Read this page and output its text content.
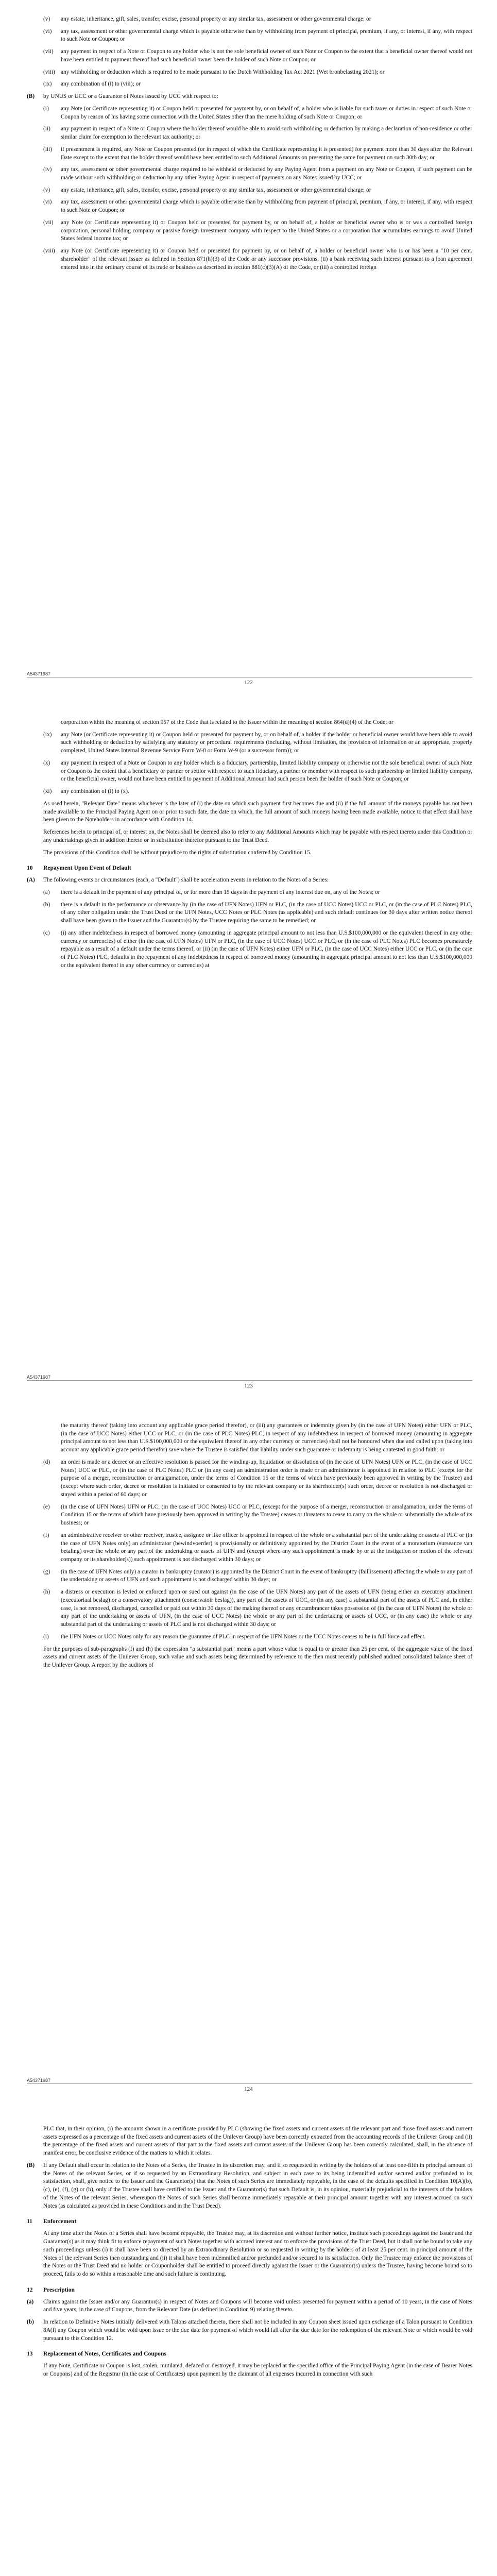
(v)	any estate, inheritance, gift, sales, transfer, excise, personal property or any similar tax, assessment or other governmental charge; or
(vi)	any tax, assessment or other governmental charge which is payable otherwise than by withholding from payment of principal, premium, if any, or interest, if any, with respect to such Note or Coupon; or
(vii)	any payment in respect of a Note or Coupon to any holder who is not the sole beneficial owner of such Note or Coupon to the extent that a beneficial owner thereof would not have been entitled to payment thereof had such beneficial owner been the holder of such Note or Coupon; or
(viii) any withholding or deduction which is required to be made pursuant to the Dutch Withholding Tax Act 2021 (Wet bronbelasting 2021); or
(ix)	any combination of (i) to (viii); or
(B)	by UNUS or UCC or a Guarantor of Notes issued by UCC with respect to:
(i)	any Note (or Certificate representing it) or Coupon held or presented for payment by, or on behalf of, a holder who is liable for such taxes or duties in respect of such Note or Coupon by reason of his having some connection with the United States other than the mere holding of such Note or Coupon; or
(ii)	any payment in respect of a Note or Coupon where the holder thereof would be able to avoid such withholding or deduction by making a declaration of non-residence or other similar claim for exemption to the relevant tax authority; or
(iii)	if presentment is required, any Note or Coupon presented (or in respect of which the Certificate representing it is presented) for payment more than 30 days after the Relevant Date except to the extent that the holder thereof would have been entitled to such Additional Amounts on presenting the same for payment on such 30th day; or
(iv)	any tax, assessment or other governmental charge required to be withheld or deducted by any Paying Agent from a payment on any Note or Coupon, if such payment can be made without such withholding or deduction by any other Paying Agent in respect of payments on any Notes issued by UCC; or
(v)	any estate, inheritance, gift, sales, transfer, excise, personal property or any similar tax, assessment or other governmental charge; or
(vi)	any tax, assessment or other governmental charge which is payable otherwise than by withholding from payment of principal, premium, if any, or interest, if any, with respect to such Note or Coupon; or
(vii)	any Note (or Certificate representing it) or Coupon held or presented for payment by, or on behalf of, a holder or beneficial owner who is or was a controlled foreign corporation, personal holding company or passive foreign investment company with respect to the United States or a corporation that accumulates earnings to avoid United States federal income tax; or
(viii) any Note (or Certificate representing it) or Coupon held or presented for payment by, or on behalf of, a holder or beneficial owner who is or has been a "10 per cent. shareholder" of the relevant Issuer as defined in Section 871(h)(3) of the Code or any successor provisions, (ii) a bank receiving such interest pursuant to a loan agreement entered into in the ordinary course of its trade or business as described in section 881(c)(3)(A) of the Code, or (iii) a controlled foreign
A54371987
122
corporation within the meaning of section 957 of the Code that is related to the Issuer within the meaning of section 864(d)(4) of the Code; or
(ix)	any Note (or Certificate representing it) or Coupon held or presented for payment by, or on behalf of, a holder if the holder or beneficial owner would have been able to avoid such withholding or deduction by satisfying any statutory or procedural requirements (including, without limitation, the provision of information or an appropriate, properly completed, United States Internal Revenue Service Form W-8 or Form W-9 (or a successor form)); or
(x)	any payment in respect of a Note or Coupon to any holder which is a fiduciary, partnership, limited liability company or otherwise not the sole beneficial owner of such Note or Coupon to the extent that a beneficiary or partner or settlor with respect to such fiduciary, a partner or member with respect to such partnership or limited liability company, or the beneficial owner, would not have been entitled to payment of Additional Amount had such person been the holder of such Note or Coupon; or
(xi)	any combination of (i) to (x).
As used herein, "Relevant Date" means whichever is the later of (i) the date on which such payment first becomes due and (ii) if the full amount of the moneys payable has not been made available to the Principal Paying Agent on or prior to such date, the date on which, the full amount of such moneys having been made available, notice to that effect shall have been given to the Noteholders in accordance with Condition 14.
References herein to principal of, or interest on, the Notes shall be deemed also to refer to any Additional Amounts which may be payable with respect thereto under this Condition or any undertakings given in addition thereto or in substitution therefor pursuant to the Trust Deed.
The provisions of this Condition shall be without prejudice to the rights of substitution conferred by Condition 15.
10	Repayment Upon Event of Default
(A)	The following events or circumstances (each, a "Default") shall be acceleration events in relation to the Notes of a Series:
(a)	there is a default in the payment of any principal of, or for more than 15 days in the payment of any interest due on, any of the Notes; or
(b)	there is a default in the performance or observance by (in the case of UFN Notes) UFN or PLC, (in the case of UCC Notes) UCC or PLC, or (in the case of PLC Notes) PLC, of any other obligation under the Trust Deed or the UFN Notes, UCC Notes or PLC Notes (as applicable) and such default continues for 30 days after written notice thereof shall have been given to the Issuer and the Guarantor(s) by the Trustee requiring the same to be remedied; or
(c)	(i) any other indebtedness in respect of borrowed money (amounting in aggregate principal amount to not less than U.S.$100,000,000 or the equivalent thereof in any other currency or currencies) of either (in the case of UFN Notes) UFN or PLC, (in the case of UCC Notes) UCC or PLC, or (in the case of PLC Notes) PLC becomes prematurely repayable as a result of a default under the terms thereof, or (ii) (in the case of UFN Notes) either UFN or PLC, (in the case of UCC Notes) either UCC or PLC, or (in the case of PLC Notes) PLC, defaults in the repayment of any indebtedness in respect of borrowed money (amounting in aggregate principal amount to not less than U.S.$100,000,000 or the equivalent thereof in any other currency or currencies) at
A54371987
123
the maturity thereof (taking into account any applicable grace period therefor), or (iii) any guarantees or indemnity given by (in the case of UFN Notes) either UFN or PLC, (in the case of UCC Notes) either UCC or PLC, or (in the case of PLC Notes) PLC, in respect of any indebtedness in respect of borrowed money (amounting in aggregate principal amount to not less than U.S.$100,000,000 or the equivalent thereof in any other currency or currencies) shall not be honoured when due and called upon (taking into account any applicable grace period therefor) save where the Trustee is satisfied that liability under such guarantee or indemnity is being contested in good faith; or
(d)	an order is made or a decree or an effective resolution is passed for the winding-up, liquidation or dissolution of (in the case of UFN Notes) UFN or PLC, (in the case of UCC Notes) UCC or PLC, or (in the case of PLC Notes) PLC or (in any case) an administration order is made or an administrator is appointed in relation to PLC (except for the purpose of a merger, reconstruction or amalgamation, under the terms of Condition 15 or the terms of which have previously been approved in writing by the Trustee) and (except where such order, decree or resolution is initiated or consented to by the relevant company or its shareholder(s) such order, decree or resolution is not discharged or stayed within a period of 60 days; or
(e)	(in the case of UFN Notes) UFN or PLC, (in the case of UCC Notes) UCC or PLC, (except for the purpose of a merger, reconstruction or amalgamation, under the terms of Condition 15 or the terms of which have previously been approved in writing by the Trustee) ceases or threatens to cease to carry on the whole or substantially the whole of its business; or
(f)	an administrative receiver or other receiver, trustee, assignee or like officer is appointed in respect of the whole or a substantial part of the undertaking or assets of PLC or (in the case of UFN Notes only) an administrator (bewindvoerder) is provisionally or definitively appointed by the District Court in the event of a moratorium (surseance van betaling) over the whole or any part of the undertaking or assets of UFN and (except where any such appointment is made by or at the instigation or motion of the relevant company or its shareholder(s)) such appointment is not discharged within 30 days; or
(g)	(in the case of UFN Notes only) a curator in bankruptcy (curator) is appointed by the District Court in the event of bankruptcy (faillissement) affecting the whole or any part of the undertaking or assets of UFN and such appointment is not discharged within 30 days; or
(h)	a distress or execution is levied or enforced upon or sued out against (in the case of the UFN Notes) any part of the assets of UFN (being either an executory attachment (executoriaal beslag) or a conservatory attachment (conservatoir beslag)), any part of the assets of UCC, or (in any case) a substantial part of the assets of PLC and, in either case, is not removed, discharged, cancelled or paid out within 30 days of the making thereof or any encumbrancer takes possession of (in the case of UFN Notes) the whole or any part of the undertaking or assets of UFN, (in the case of UCC Notes) the whole or any part of the undertaking or assets of UCC, or (in any case) the whole or any substantial part of the undertaking or assets of PLC and is not discharged within 30 days; or
(i)	the UFN Notes or UCC Notes only for any reason the guarantee of PLC in respect of the UFN Notes or the UCC Notes ceases to be in full force and effect.
For the purposes of sub-paragraphs (f) and (h) the expression "a substantial part" means a part whose value is equal to or greater than 25 per cent. of the aggregate value of the fixed assets and current assets of the Unilever Group, such value and such assets being determined by reference to the then most recently published audited consolidated balance sheet of the Unilever Group. A report by the auditors of
A54371987
124
PLC that, in their opinion, (i) the amounts shown in a certificate provided by PLC (showing the fixed assets and current assets of the relevant part and those fixed assets and current assets expressed as a percentage of the fixed assets and current assets of the Unilever Group) have been correctly extracted from the accounting records of the Unilever Group and (ii) the percentage of the fixed assets and current assets of that part to the fixed assets and current assets of the Unilever Group has been correctly calculated, shall, in the absence of manifest error, be conclusive evidence of the matters to which it relates.
(B)	If any Default shall occur in relation to the Notes of a Series, the Trustee in its discretion may, and if so requested in writing by the holders of at least one-fifth in principal amount of the Notes of the relevant Series, or if so requested by an Extraordinary Resolution, and subject in each case to its being indemnified and/or secured and/or prefunded to its satisfaction, shall, give notice to the Issuer and the Guarantor(s) that the Notes of such Series are immediately repayable, in the case of the defaults specified in Condition 10(A)(b), (c), (e), (f), (g) or (h), only if the Trustee shall have certified to the Issuer and the Guarantor(s) that such Default is, in its opinion, materially prejudicial to the interests of the holders of the Notes of the relevant Series, whereupon the Notes of such Series shall become immediately repayable at their principal amount together with any interest accrued on such Notes (as calculated as provided in these Conditions and in the Trust Deed).
11	Enforcement
At any time after the Notes of a Series shall have become repayable, the Trustee may, at its discretion and without further notice, institute such proceedings against the Issuer and the Guarantor(s) as it may think fit to enforce repayment of such Notes together with accrued interest and to enforce the provisions of the Trust Deed, but it shall not be bound to take any such proceedings unless (i) it shall have been so directed by an Extraordinary Resolution or so requested in writing by the holders of at least 25 per cent. in principal amount of the Notes of the relevant Series then outstanding and (ii) it shall have been indemnified and/or prefunded and/or secured to its satisfaction. Only the Trustee may enforce the provisions of the Notes or the Trust Deed and no holder or Couponholder shall be entitled to proceed directly against the Issuer or the Guarantor(s) unless the Trustee, having become bound so to proceed, fails to do so within a reasonable time and such failure is continuing.
12	Prescription
(a)	Claims against the Issuer and/or any Guarantor(s) in respect of Notes and Coupons will become void unless presented for payment within a period of 10 years, in the case of Notes and five years, in the case of Coupons, from the Relevant Date (as defined in Condition 9) relating thereto.
(b)	In relation to Definitive Notes initially delivered with Talons attached thereto, there shall not be included in any Coupon sheet issued upon exchange of a Talon pursuant to Condition 8A(f) any Coupon which would be void upon issue or the due date for payment of which would fall after the due date for the redemption of the relevant Note or which would be void pursuant to this Condition 12.
13	Replacement of Notes, Certificates and Coupons
If any Note, Certificate or Coupon is lost, stolen, mutilated, defaced or destroyed, it may be replaced at the specified office of the Principal Paying Agent (in the case of Bearer Notes or Coupons) and of the Registrar (in the case of Certificates) upon payment by the claimant of all expenses incurred in connection with such
